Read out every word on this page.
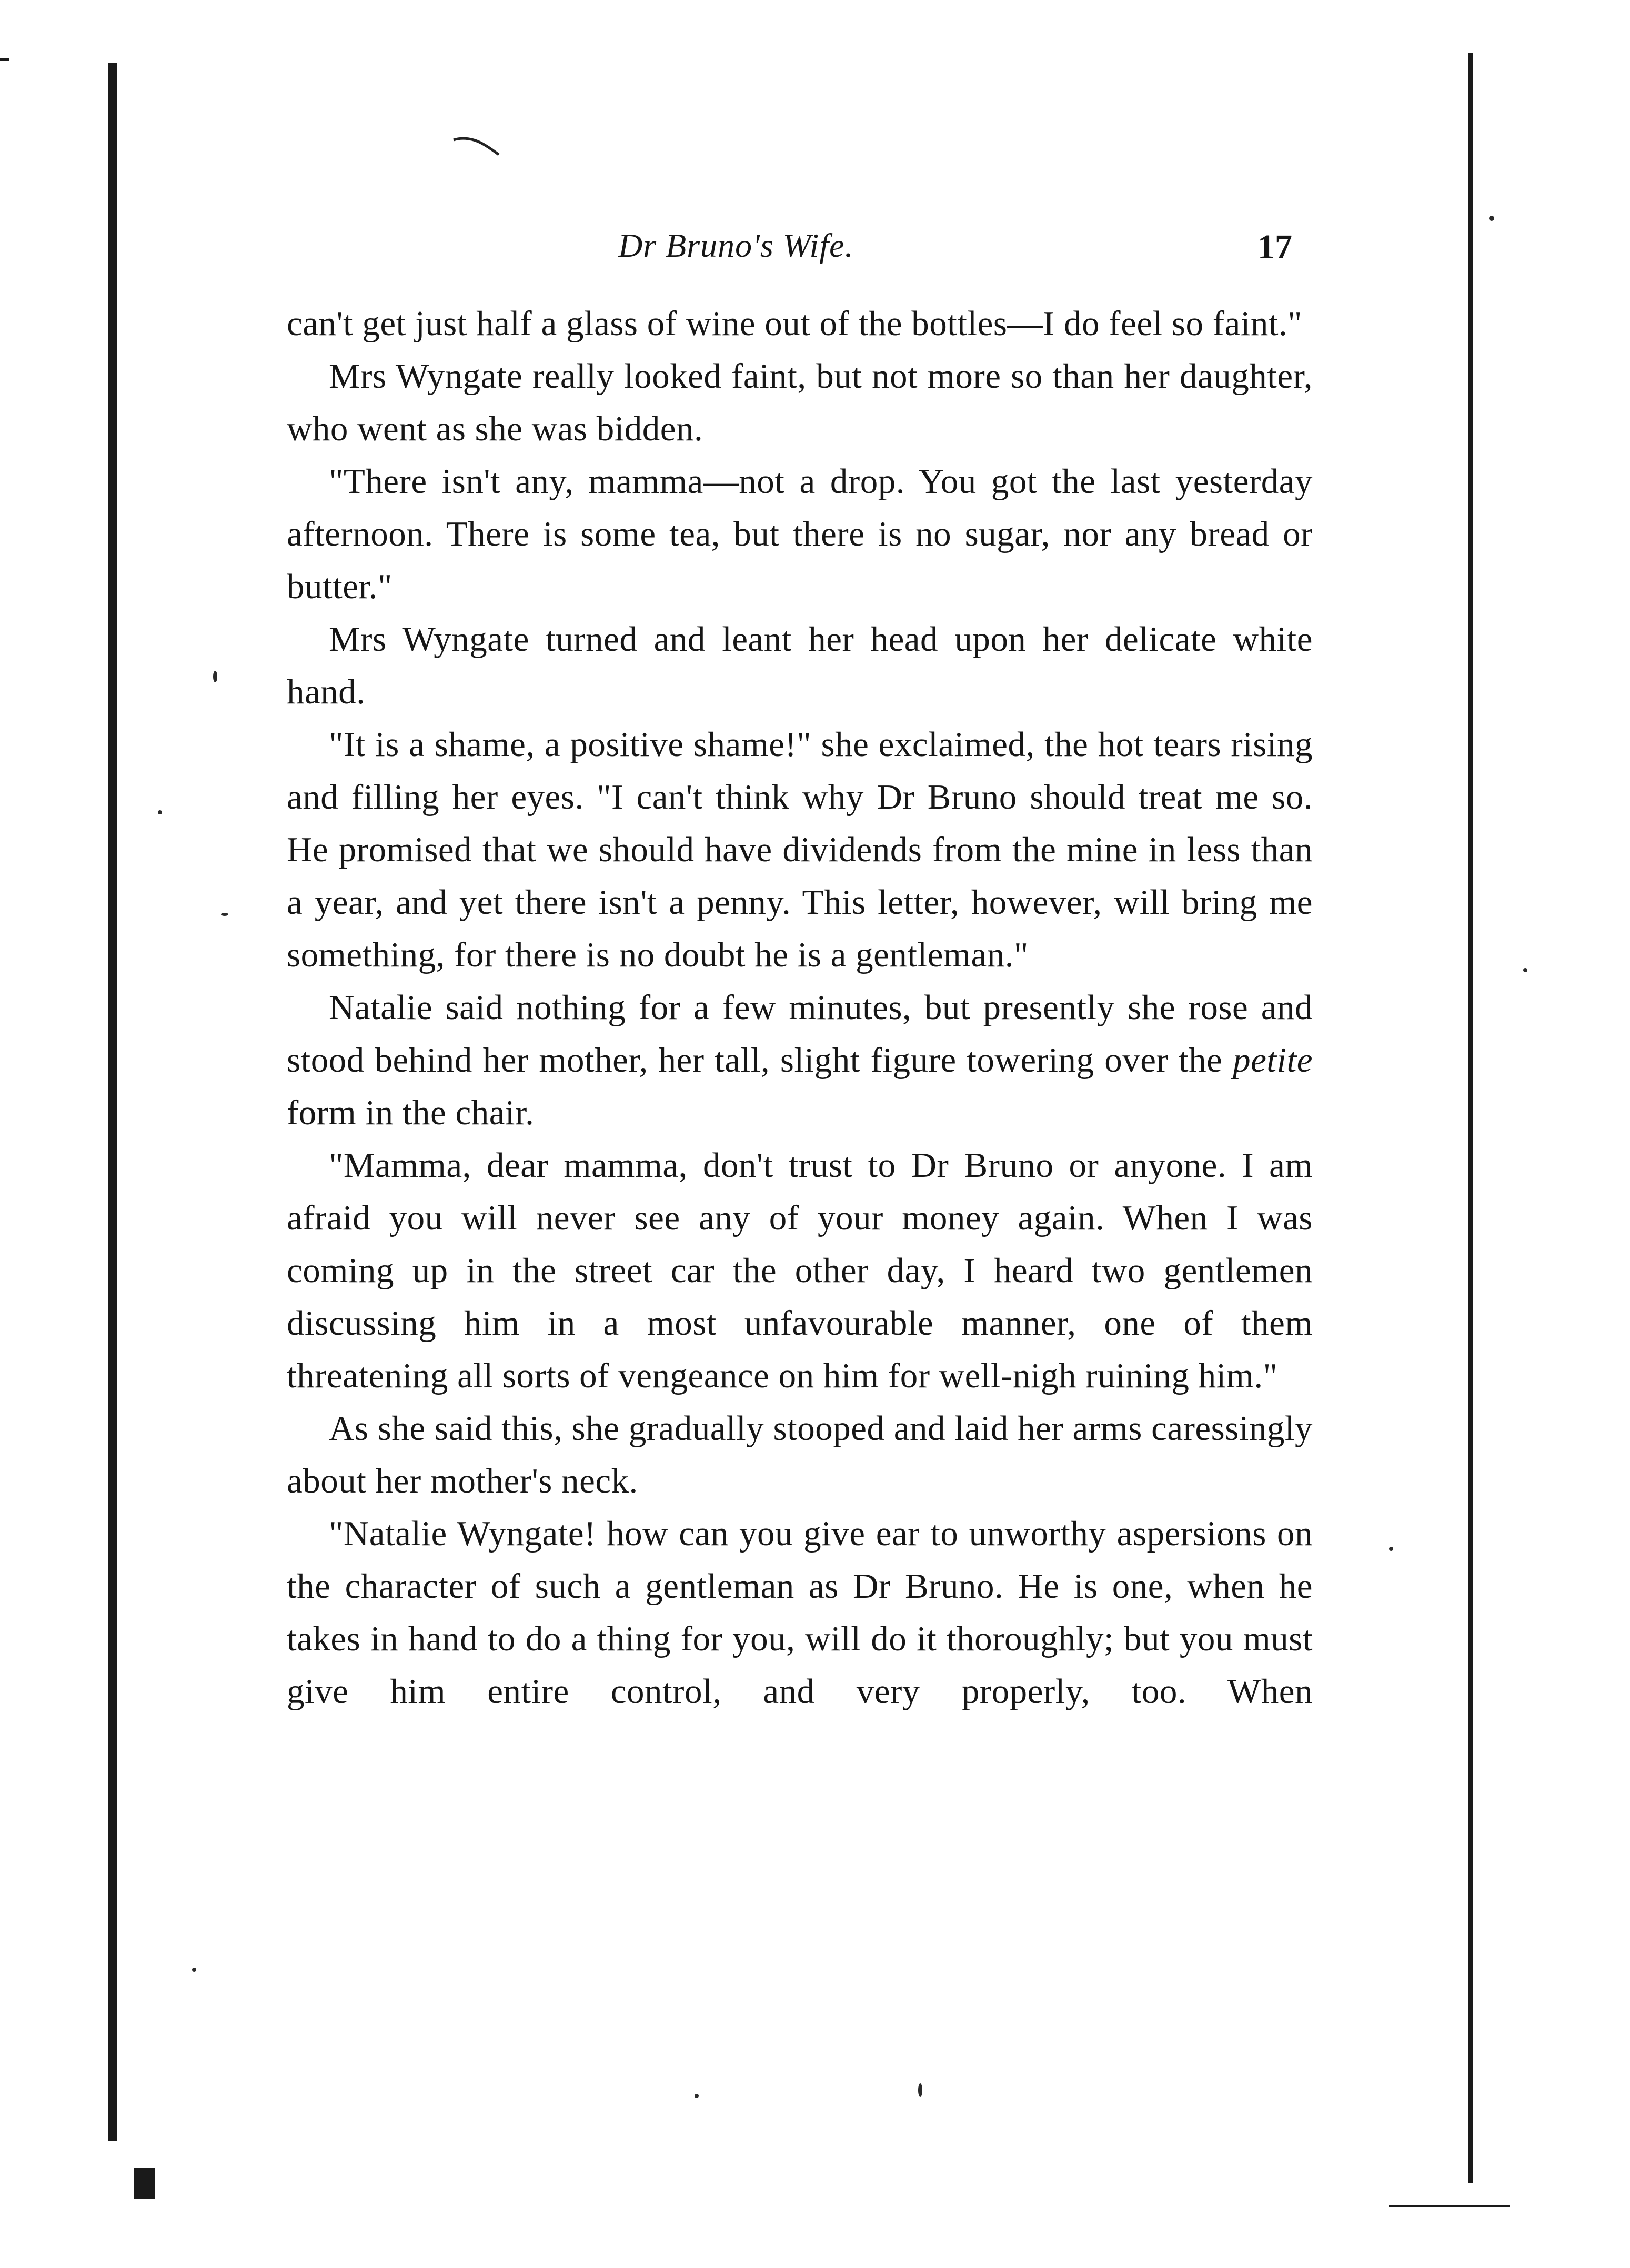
Dr Bruno's Wife.	17

can't get just half a glass of wine out of the bottles—I do feel so faint."

Mrs Wyngate really looked faint, but not more so than her daughter, who went as she was bidden.

"There isn't any, mamma—not a drop. You got the last yesterday afternoon. There is some tea, but there is no sugar, nor any bread or butter."

Mrs Wyngate turned and leant her head upon her delicate white hand.

"It is a shame, a positive shame!" she exclaimed, the hot tears rising and filling her eyes. "I can't think why Dr Bruno should treat me so. He promised that we should have dividends from the mine in less than a year, and yet there isn't a penny. This letter, however, will bring me something, for there is no doubt he is a gentleman."

Natalie said nothing for a few minutes, but presently she rose and stood behind her mother, her tall, slight figure towering over the petite form in the chair.

"Mamma, dear mamma, don't trust to Dr Bruno or anyone. I am afraid you will never see any of your money again. When I was coming up in the street car the other day, I heard two gentlemen discussing him in a most unfavourable manner, one of them threatening all sorts of vengeance on him for well-nigh ruining him."

As she said this, she gradually stooped and laid her arms caressingly about her mother's neck.

"Natalie Wyngate! how can you give ear to unworthy aspersions on the character of such a gentleman as Dr Bruno. He is one, when he takes in hand to do a thing for you, will do it thoroughly; but you must give him entire control, and very properly, too. When
